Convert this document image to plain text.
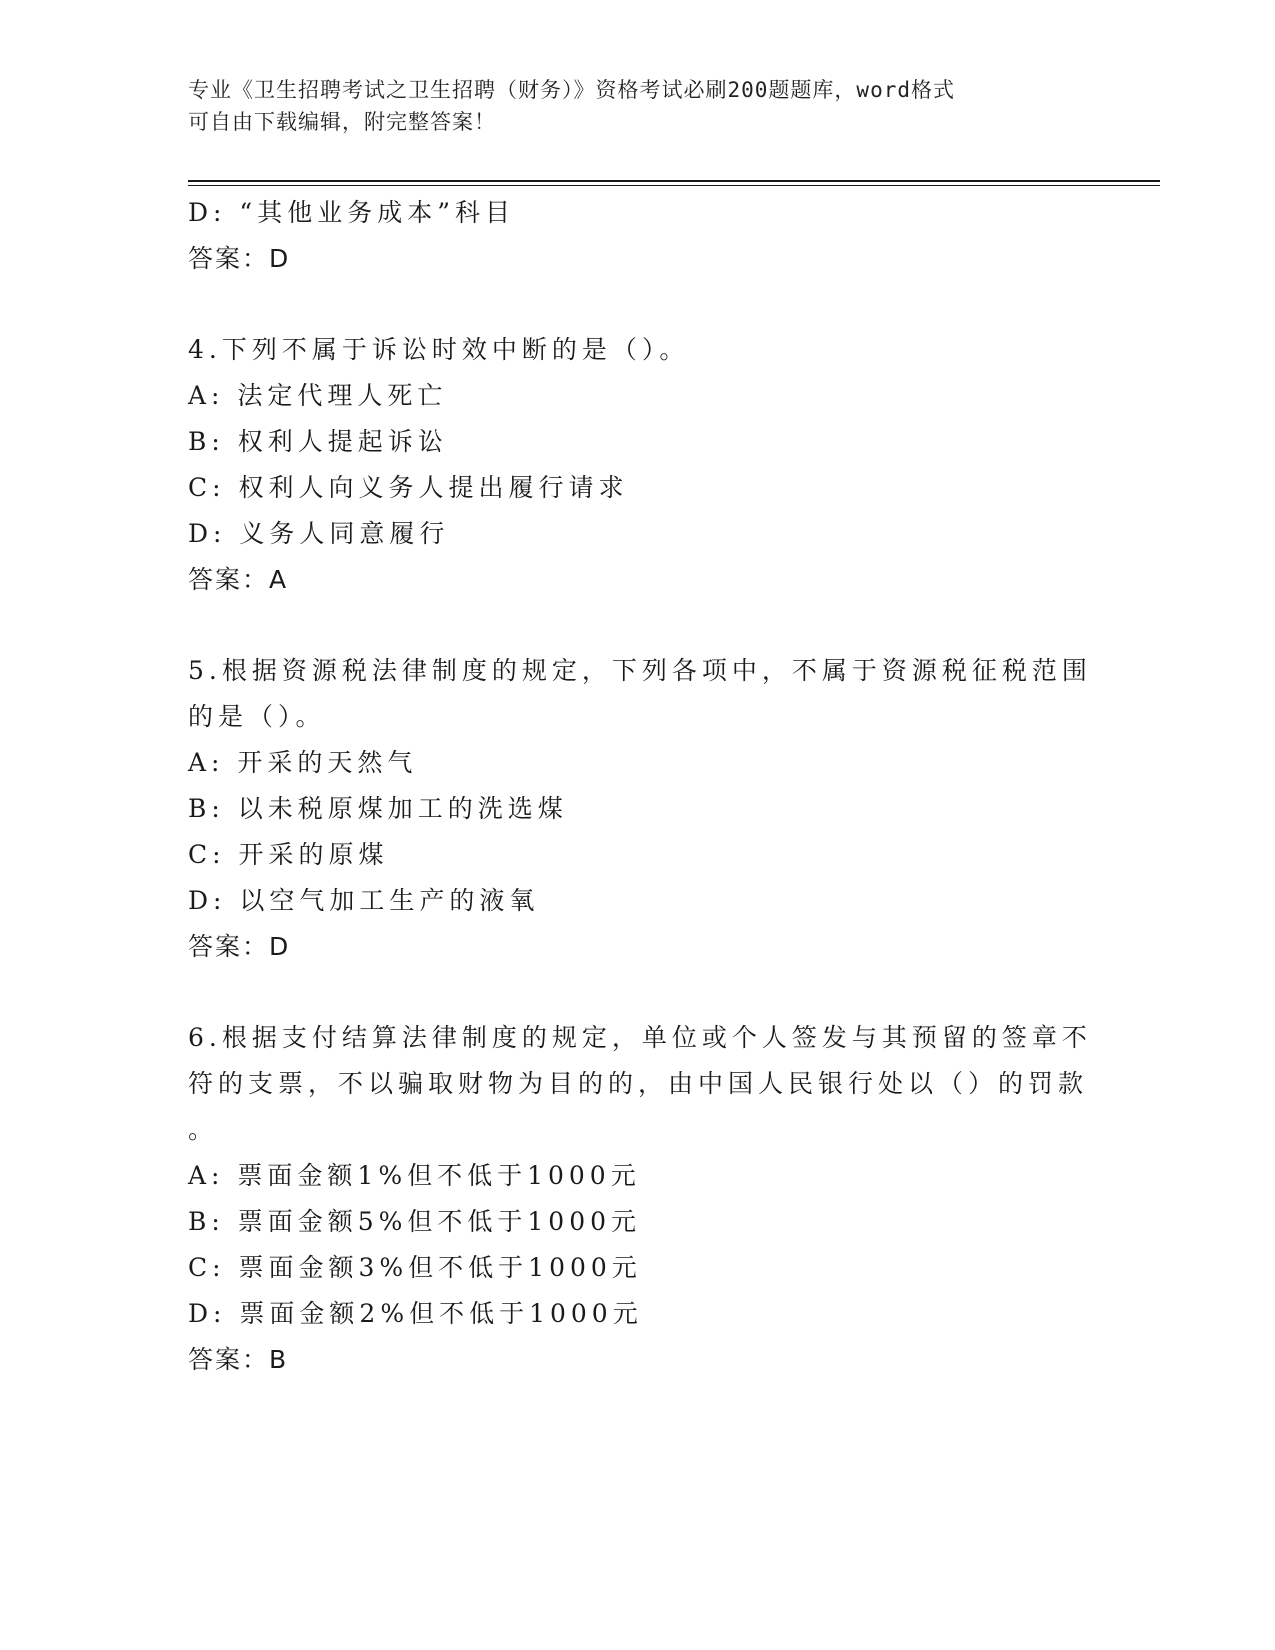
专业《卫生招聘考试之卫生招聘（财务）》资格考试必刷200题题库，word格式
可自由下载编辑，附完整答案！
D: “其他业务成本”科目
答案：D
4.下列不属于诉讼时效中断的是（）。
A: 法定代理人死亡
B: 权利人提起诉讼
C: 权利人向义务人提出履行请求
D: 义务人同意履行
答案：A
5.根据资源税法律制度的规定，下列各项中，不属于资源税征税范围
的是（）。
A: 开采的天然气
B: 以未税原煤加工的洗选煤
C: 开采的原煤
D: 以空气加工生产的液氧
答案：D
6.根据支付结算法律制度的规定，单位或个人签发与其预留的签章不
符的支票，不以骗取财物为目的的，由中国人民银行处以（）的罚款
。
A: 票面金额1%但不低于1000元
B: 票面金额5%但不低于1000元
C: 票面金额3%但不低于1000元
D: 票面金额2%但不低于1000元
答案：B
